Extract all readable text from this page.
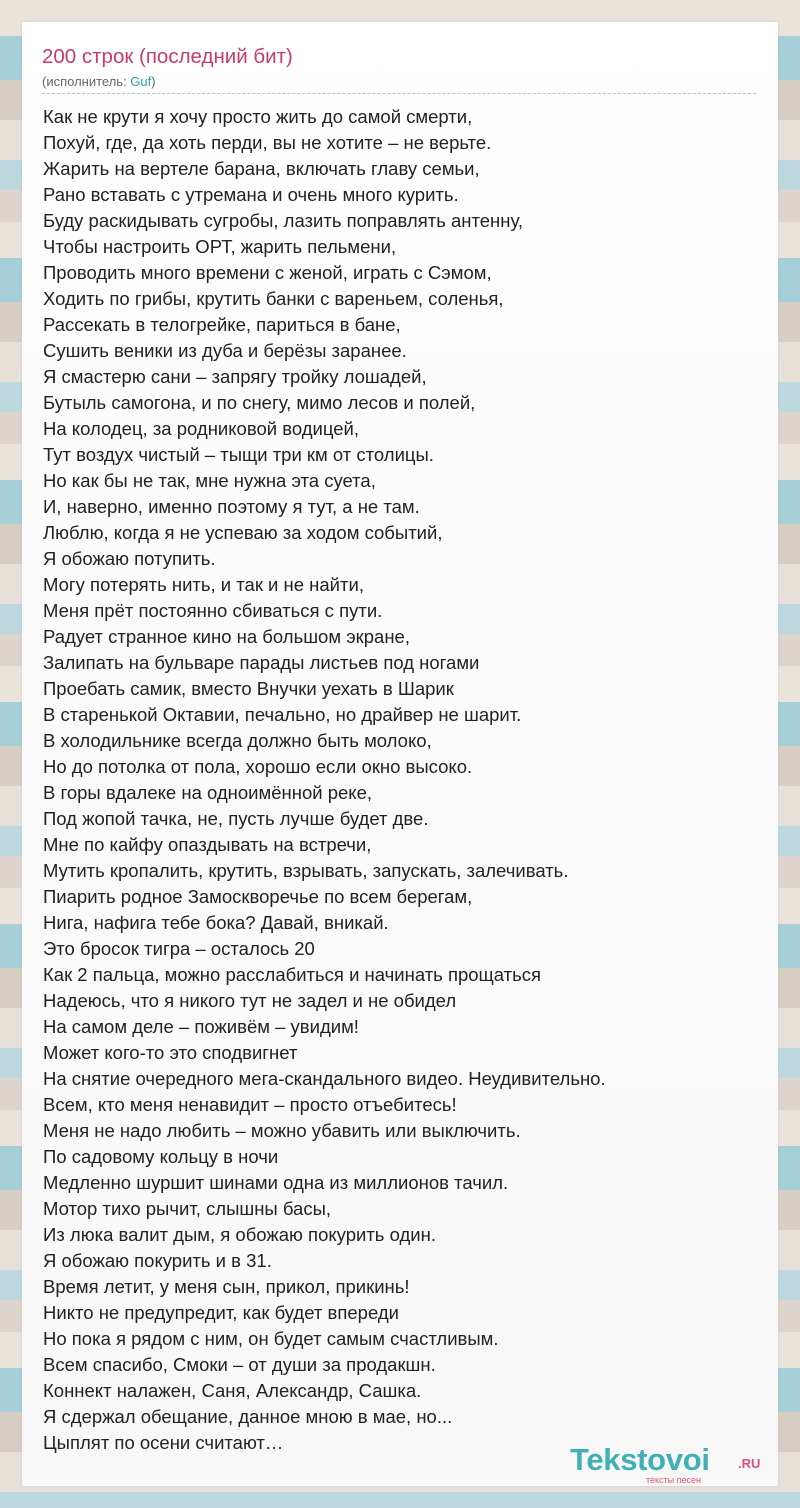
200 строк (последний бит)
(исполнитель: Guf)
Как не крути я хочу просто жить до самой смерти,
Похуй, где, да хоть перди, вы не хотите – не верьте.
Жарить на вертеле барана, включать главу семьи,
Рано вставать с утремана и очень много курить.
Буду раскидывать сугробы, лазить поправлять антенну,
Чтобы настроить ОРТ, жарить пельмени,
Проводить много времени с женой, играть с Сэмом,
Ходить по грибы, крутить банки с вареньем, соленья,
Рассекать в телогрейке, париться в бане,
Сушить веники из дуба и берёзы заранее.
Я смастерю сани – запрягу тройку лошадей,
Бутыль самогона, и по снегу, мимо лесов и полей,
На колодец, за родниковой водицей,
Тут воздух чистый – тыщи три км от столицы.
Но как бы не так, мне нужна эта суета,
И, наверно, именно поэтому я тут, а не там.
Люблю, когда я не успеваю за ходом событий,
Я обожаю потупить.
Могу потерять нить, и так и не найти,
Меня прёт постоянно сбиваться с пути.
Радует странное кино на большом экране,
Залипать на бульваре парады листьев под ногами
Проебать самик, вместо Внучки уехать в Шарик
В старенькой Октавии, печально, но драйвер не шарит.
В холодильнике всегда должно быть молоко,
Но до потолка от пола, хорошо если окно высоко.
В горы вдалеке на одноимённой реке,
Под жопой тачка, не, пусть лучше будет две.
Мне по кайфу опаздывать на встречи,
Мутить кропалить, крутить, взрывать, запускать, залечивать.
Пиарить родное Замоскворечье по всем берегам,
Нига, нафига тебе бока? Давай, вникай.
Это бросок тигра – осталось 20
Как 2 пальца, можно расслабиться и начинать прощаться
Надеюсь, что я никого тут не задел и не обидел
На самом деле – поживём – увидим!
Может кого-то это сподвигнет
На снятие очередного мега-скандального видео. Неудивительно.
Всем, кто меня ненавидит – просто отъебитесь!
Меня не надо любить – можно убавить или выключить.
По садовому кольцу в ночи
Медленно шуршит шинами одна из миллионов тачил.
Мотор тихо рычит, слышны басы,
Из люка валит дым, я обожаю покурить один.
Я обожаю покурить и в 31.
Время летит, у меня сын, прикол, прикинь!
Никто не предупредит, как будет впереди
Но пока я рядом с ним, он будет самым счастливым.
Всем спасибо, Смоки – от души за продакшн.
Коннект налажен, Саня, Александр, Сашка.
Я сдержал обещание, данное мною в мае, но...
Цыплят по осени считают…	Tekstovoi .RU
тексты песен
